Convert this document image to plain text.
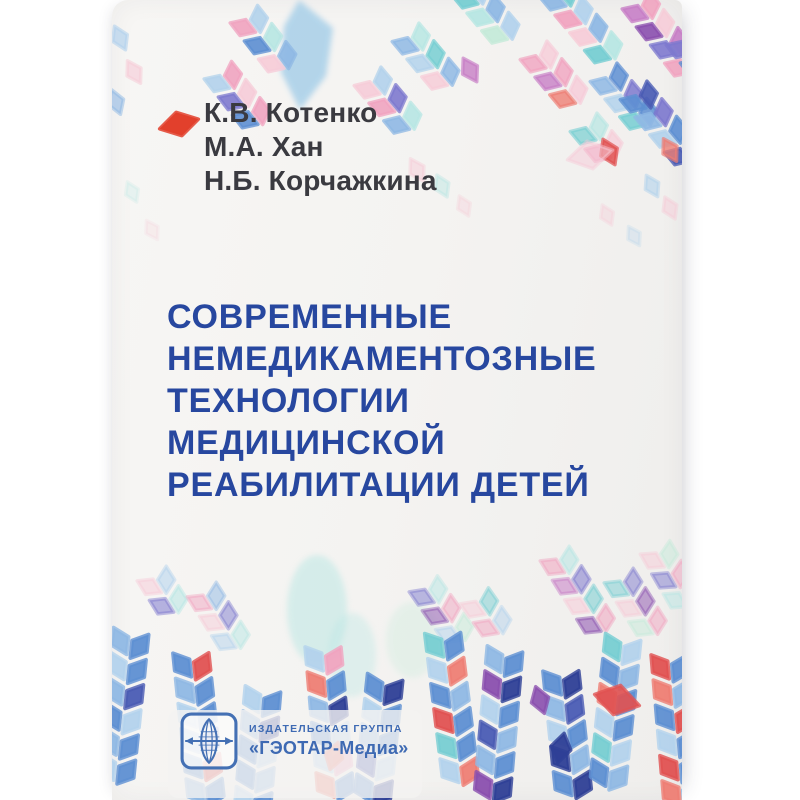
К.В. Котенко
М.А. Хан
Н.Б. Корчажкина
СОВРЕМЕННЫЕ
НЕМЕДИКАМЕНТОЗНЫЕ
ТЕХНОЛОГИИ
МЕДИЦИНСКОЙ
РЕАБИЛИТАЦИИ ДЕТЕЙ
ИЗДАТЕЛЬСКАЯ ГРУППА
«ГЭОТАР-Медиа»
